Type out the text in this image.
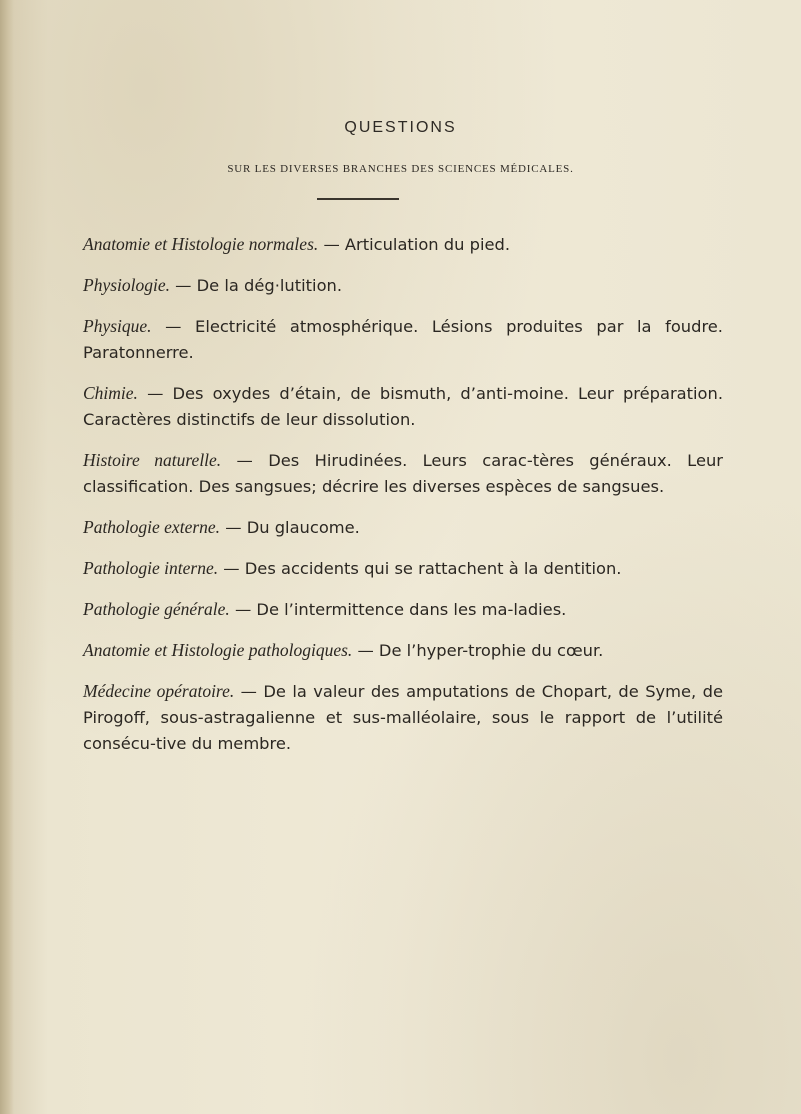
QUESTIONS
SUR LES DIVERSES BRANCHES DES SCIENCES MÉDICALES.

Anatomie et Histologie normales. — Articulation du pied.

Physiologie. — De la dég·lutition.

Physique. — Electricité atmosphérique. Lésions produites par la foudre. Paratonnerre.

Chimie. — Des oxydes d’étain, de bismuth, d’anti-moine. Leur préparation. Caractères distinctifs de leur dissolution.

Histoire naturelle. — Des Hirudinées. Leurs carac-tères généraux. Leur classification. Des sangsues; décrire les diverses espèces de sangsues.

Pathologie externe. — Du glaucome.

Pathologie interne. — Des accidents qui se rattachent à la dentition.

Pathologie générale. — De l’intermittence dans les ma-ladies.

Anatomie et Histologie pathologiques. — De l’hyper-trophie du cœur.

Médecine opératoire. — De la valeur des amputations de Chopart, de Syme, de Pirogoff, sous-astragalienne et sus-malléolaire, sous le rapport de l’utilité consécu-tive du membre.
